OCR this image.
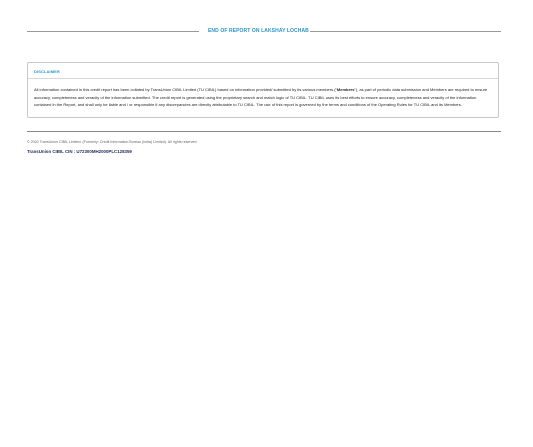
END OF REPORT ON LAKSHAY LOCHAB
DISCLAIMER
All information contained in this credit report has been collated by TransUnion CIBIL Limited (TU CIBIL) based on information provided/ submitted by its various members (“Members”), as part of periodic data submission and Members are required to ensure accuracy, completeness and veracity of the information submitted. The credit report is generated using the proprietary search and match logic of TU CIBIL. TU CIBIL uses its best efforts to ensure accuracy, completeness and veracity of the information contained in the Report, and shall only be liable and / or responsible if any discrepancies are directly attributable to TU CIBIL. The use of this report is governed by the terms and conditions of the Operating Rules for TU CIBIL and its Members.
© 2020 TransUnion CIBIL Limited. (Formerly: Credit Information Bureau (India) Limited). All rights reserved
TransUnion CIBIL CIN : U72300MH2000PLC128359
